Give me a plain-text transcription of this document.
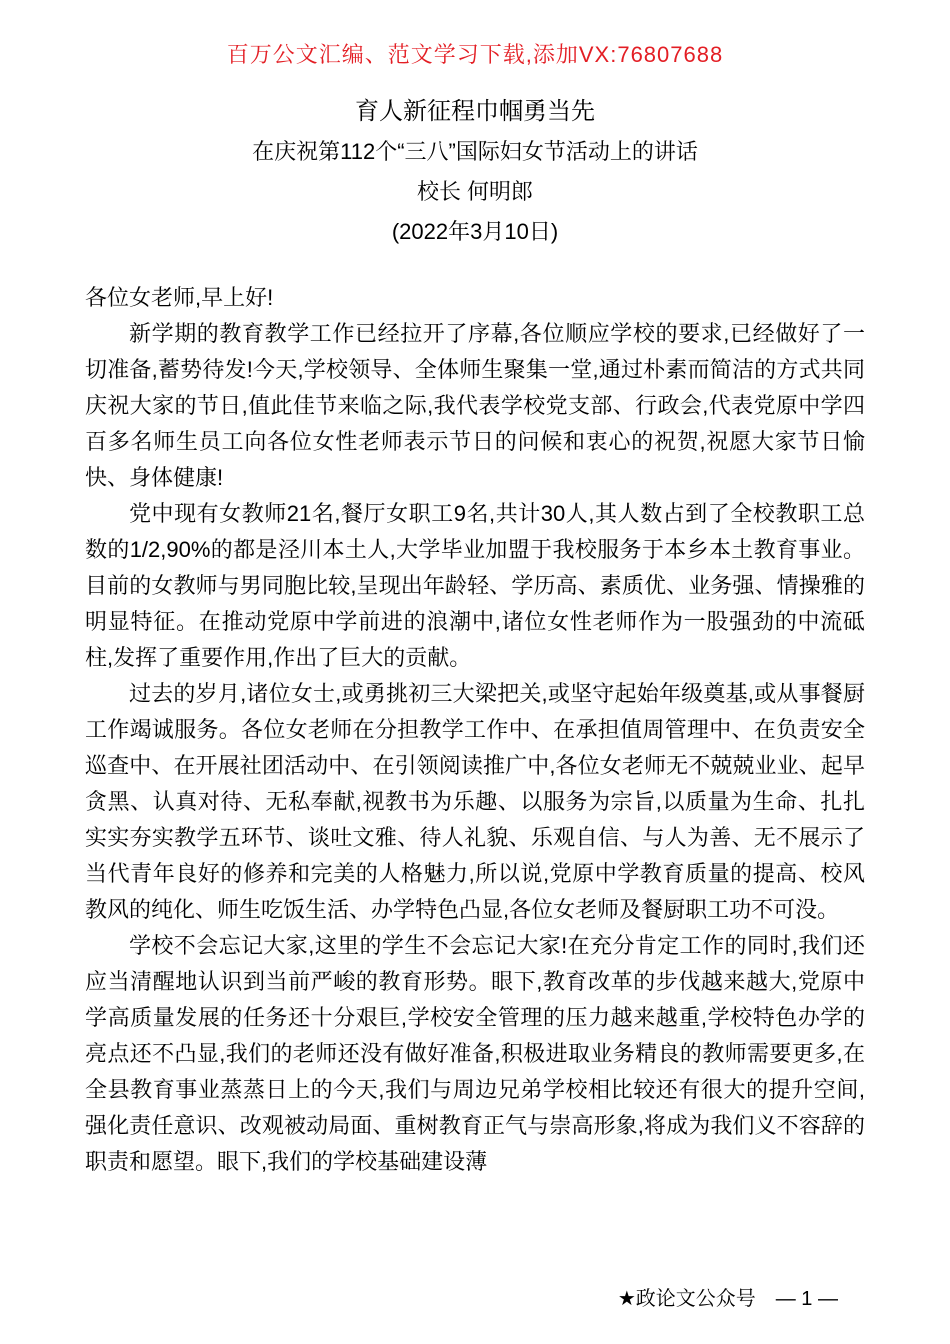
百万公文汇编、范文学习下载,添加VX:76807688
育人新征程巾帼勇当先
在庆祝第112个“三八”国际妇女节活动上的讲话
校长 何明郎
(2022年3月10日)

各位女老师,早上好!

新学期的教育教学工作已经拉开了序幕,各位顺应学校的要求,已经做好了一切准备,蓄势待发!今天,学校领导、全体师生聚集一堂,通过朴素而简洁的方式共同庆祝大家的节日,值此佳节来临之际,我代表学校党支部、行政会,代表党原中学四百多名师生员工向各位女性老师表示节日的问候和衷心的祝贺,祝愿大家节日愉快、身体健康!

党中现有女教师21名,餐厅女职工9名,共计30人,其人数占到了全校教职工总数的1/2,90%的都是泾川本土人,大学毕业加盟于我校服务于本乡本土教育事业。目前的女教师与男同胞比较,呈现出年龄轻、学历高、素质优、业务强、情操雅的明显特征。在推动党原中学前进的浪潮中,诸位女性老师作为一股强劲的中流砥柱,发挥了重要作用,作出了巨大的贡献。

过去的岁月,诸位女士,或勇挑初三大梁把关,或坚守起始年级奠基,或从事餐厨工作竭诚服务。各位女老师在分担教学工作中、在承担值周管理中、在负责安全巡查中、在开展社团活动中、在引领阅读推广中,各位女老师无不兢兢业业、起早贪黑、认真对待、无私奉献,视教书为乐趣、以服务为宗旨,以质量为生命、扎扎实实夯实教学五环节、谈吐文雅、待人礼貌、乐观自信、与人为善、无不展示了当代青年良好的修养和完美的人格魅力,所以说,党原中学教育质量的提高、校风教风的纯化、师生吃饭生活、办学特色凸显,各位女老师及餐厨职工功不可没。

学校不会忘记大家,这里的学生不会忘记大家!在充分肯定工作的同时,我们还应当清醒地认识到当前严峻的教育形势。眼下,教育改革的步伐越来越大,党原中学高质量发展的任务还十分艰巨,学校安全管理的压力越来越重,学校特色办学的亮点还不凸显,我们的老师还没有做好准备,积极进取业务精良的教师需要更多,在全县教育事业蒸蒸日上的今天,我们与周边兄弟学校相比较还有很大的提升空间,强化责任意识、改观被动局面、重树教育正气与崇高形象,将成为我们义不容辞的职责和愿望。眼下,我们的学校基础建设薄

★政论文公众号 — 1 —
